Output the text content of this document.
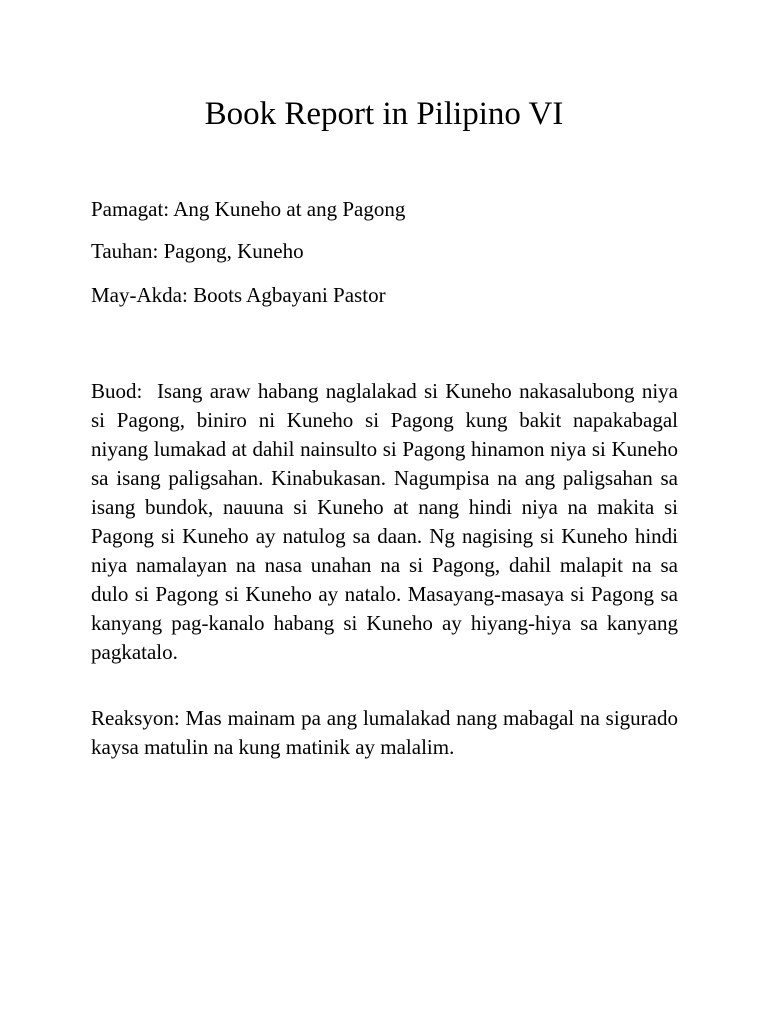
Book Report in Pilipino VI

Pamagat: Ang Kuneho at ang Pagong

Tauhan: Pagong, Kuneho

May-Akda: Boots Agbayani Pastor

Buod: Isang araw habang naglalakad si Kuneho nakasalubong niya si Pagong, biniro ni Kuneho si Pagong kung bakit napakabagal niyang lumakad at dahil nainsulto si Pagong hinamon niya si Kuneho sa isang paligsahan. Kinabukasan. Nagumpisa na ang paligsahan sa isang bundok, nauuna si Kuneho at nang hindi niya na makita si Pagong si Kuneho ay natulog sa daan. Ng nagising si Kuneho hindi niya namalayan na nasa unahan na si Pagong, dahil malapit na sa dulo si Pagong si Kuneho ay natalo. Masayang-masaya si Pagong sa kanyang pag-kanalo habang si Kuneho ay hiyang-hiya sa kanyang pagkatalo.

Reaksyon: Mas mainam pa ang lumalakad nang mabagal na sigurado kaysa matulin na kung matinik ay malalim.
